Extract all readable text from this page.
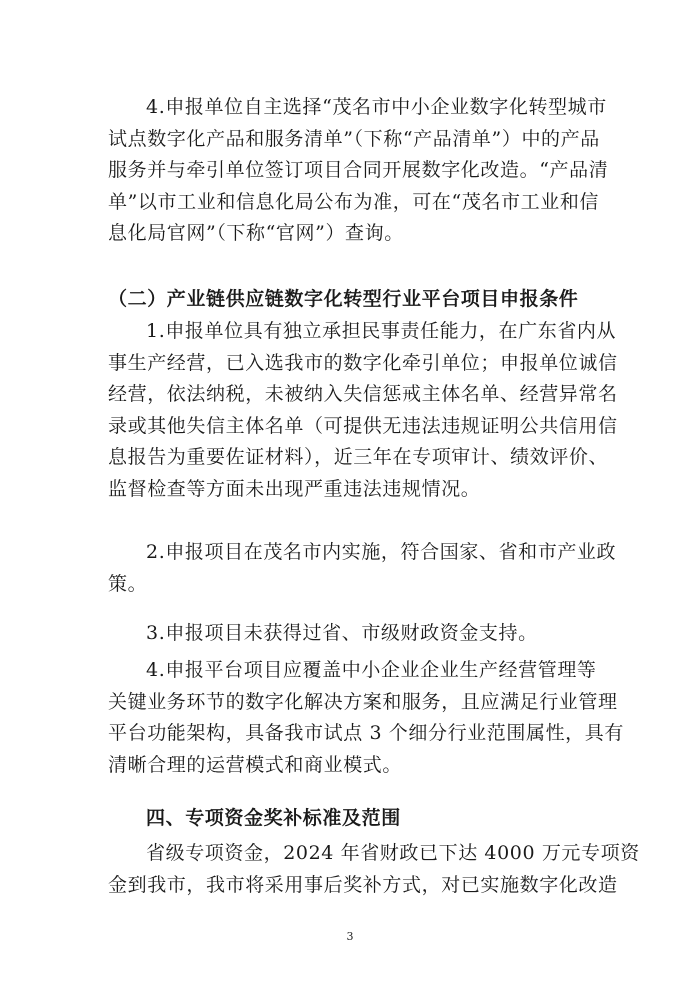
4.申报单位自主选择“茂名市中小企业数字化转型城市
试点数字化产品和服务清单”（下称“产品清单”）中的产品
服务并与牵引单位签订项目合同开展数字化改造。“产品清
单”以市工业和信息化局公布为准，可在“茂名市工业和信
息化局官网”（下称“官网”）查询。
（二）产业链供应链数字化转型行业平台项目申报条件
1.申报单位具有独立承担民事责任能力，在广东省内从
事生产经营，已入选我市的数字化牵引单位；申报单位诚信
经营，依法纳税，未被纳入失信惩戒主体名单、经营异常名
录或其他失信主体名单（可提供无违法违规证明公共信用信
息报告为重要佐证材料），近三年在专项审计、绩效评价、
监督检查等方面未出现严重违法违规情况。
2.申报项目在茂名市内实施，符合国家、省和市产业政
策。
3.申报项目未获得过省、市级财政资金支持。
4.申报平台项目应覆盖中小企业企业生产经营管理等
关键业务环节的数字化解决方案和服务，且应满足行业管理
平台功能架构，具备我市试点 3 个细分行业范围属性，具有
清晰合理的运营模式和商业模式。
四、专项资金奖补标准及范围
省级专项资金，2024 年省财政已下达 4000 万元专项资
金到我市，我市将采用事后奖补方式，对已实施数字化改造
3
